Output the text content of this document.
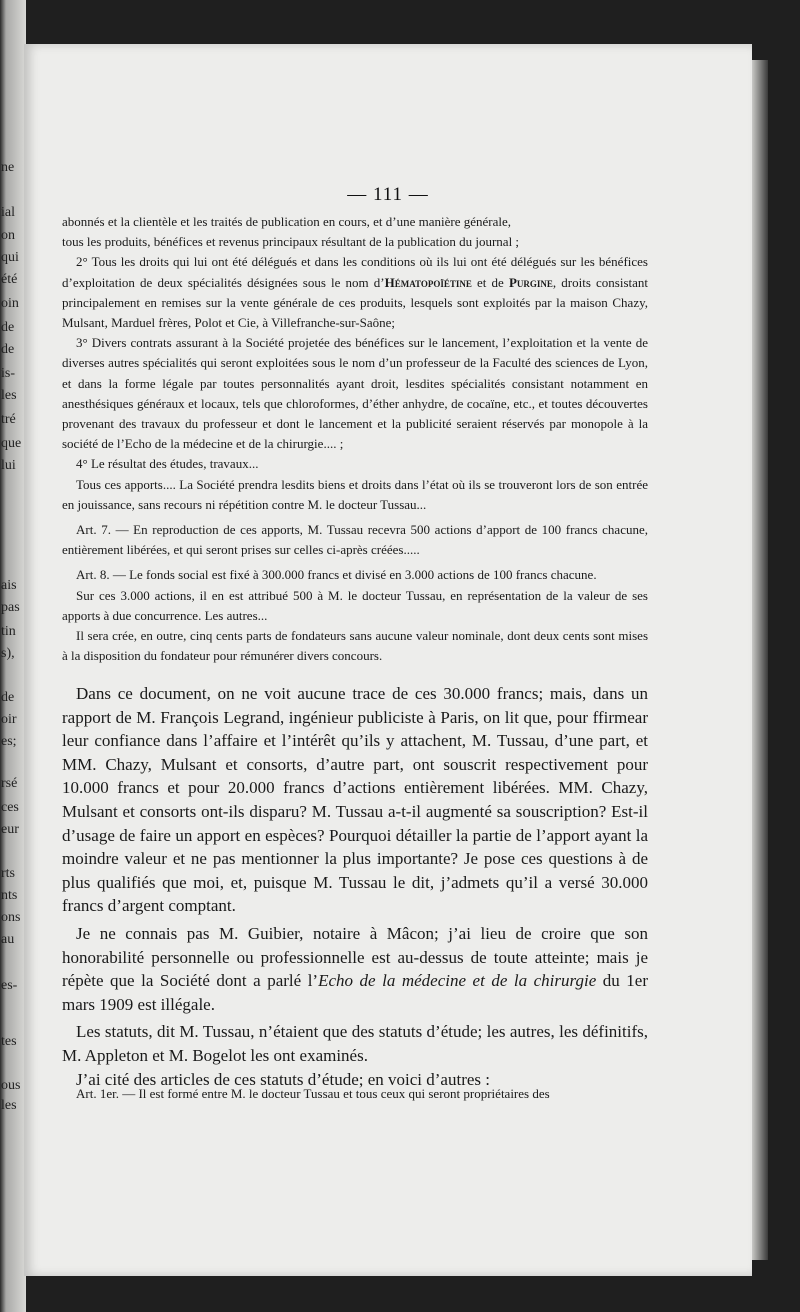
ne
ial
on
qui
été
oin
de
de
is-
les
tré
que
lui
ais
pas
tin
s),
de
oir
es;
rsé
ces
eur
rts
nts
ons
au
es-
tes
ous
les
— 111 —

abonnés et la clientèle et les traités de publication en cours, et d’une manière générale,

tous les produits, bénéfices et revenus principaux résultant de la publication du journal ;

2° Tous les droits qui lui ont été délégués et dans les conditions où ils lui ont été délégués sur les bénéfices d’exploitation de deux spécialités désignées sous le nom d’Hématopoïétine et de Purgine, droits consistant principalement en remises sur la vente générale de ces produits, lesquels sont exploités par la maison Chazy, Mulsant, Marduel frères, Polot et Cie, à Villefranche-sur-Saône;

3° Divers contrats assurant à la Société projetée des bénéfices sur le lancement, l’exploitation et la vente de diverses autres spécialités qui seront exploitées sous le nom d’un professeur de la Faculté des sciences de Lyon, et dans la forme légale par toutes personnalités ayant droit, lesdites spécialités consistant notamment en anesthésiques généraux et locaux, tels que chloroformes, d’éther anhydre, de cocaïne, etc., et toutes découvertes provenant des travaux du professeur et dont le lancement et la publicité seraient réservés par monopole à la société de l’Echo de la médecine et de la chirurgie.... ;

4° Le résultat des études, travaux...

Tous ces apports.... La Société prendra lesdits biens et droits dans l’état où ils se trouveront lors de son entrée en jouissance, sans recours ni répétition contre M. le docteur Tussau...

Art. 7. — En reproduction de ces apports, M. Tussau recevra 500 actions d’apport de 100 francs chacune, entièrement libérées, et qui seront prises sur celles ci-après créées.....

Art. 8. — Le fonds social est fixé à 300.000 francs et divisé en 3.000 actions de 100 francs chacune.

Sur ces 3.000 actions, il en est attribué 500 à M. le docteur Tussau, en représentation de la valeur de ses apports à due concurrence. Les autres...

Il sera crée, en outre, cinq cents parts de fondateurs sans aucune valeur nominale, dont deux cents sont mises à la disposition du fondateur pour rémunérer divers concours.

Dans ce document, on ne voit aucune trace de ces 30.000 francs; mais, dans un rapport de M. François Legrand, ingénieur publiciste à Paris, on lit que, pour ffirmear leur confiance dans l’affaire et l’intérêt qu’ils y attachent, M. Tussau, d’une part, et MM. Chazy, Mulsant et consorts, d’autre part, ont souscrit respectivement pour 10.000 francs et pour 20.000 francs d’actions entièrement libérées. MM. Chazy, Mulsant et consorts ont-ils disparu? M. Tussau a-t-il augmenté sa souscription? Est-il d’usage de faire un apport en espèces? Pourquoi détailler la partie de l’apport ayant la moindre valeur et ne pas mentionner la plus importante? Je pose ces questions à de plus qualifiés que moi, et, puisque M. Tussau le dit, j’admets qu’il a versé 30.000 francs d’argent comptant.

Je ne connais pas M. Guibier, notaire à Mâcon; j’ai lieu de croire que son honorabilité personnelle ou professionnelle est au-dessus de toute atteinte; mais je répète que la Société dont a parlé l’Echo de la médecine et de la chirurgie du 1er mars 1909 est illégale.

Les statuts, dit M. Tussau, n’étaient que des statuts d’étude; les autres, les définitifs, M. Appleton et M. Bogelot les ont examinés.

J’ai cité des articles de ces statuts d’étude; en voici d’autres :

Art. 1er. — Il est formé entre M. le docteur Tussau et tous ceux qui seront propriétaires des
